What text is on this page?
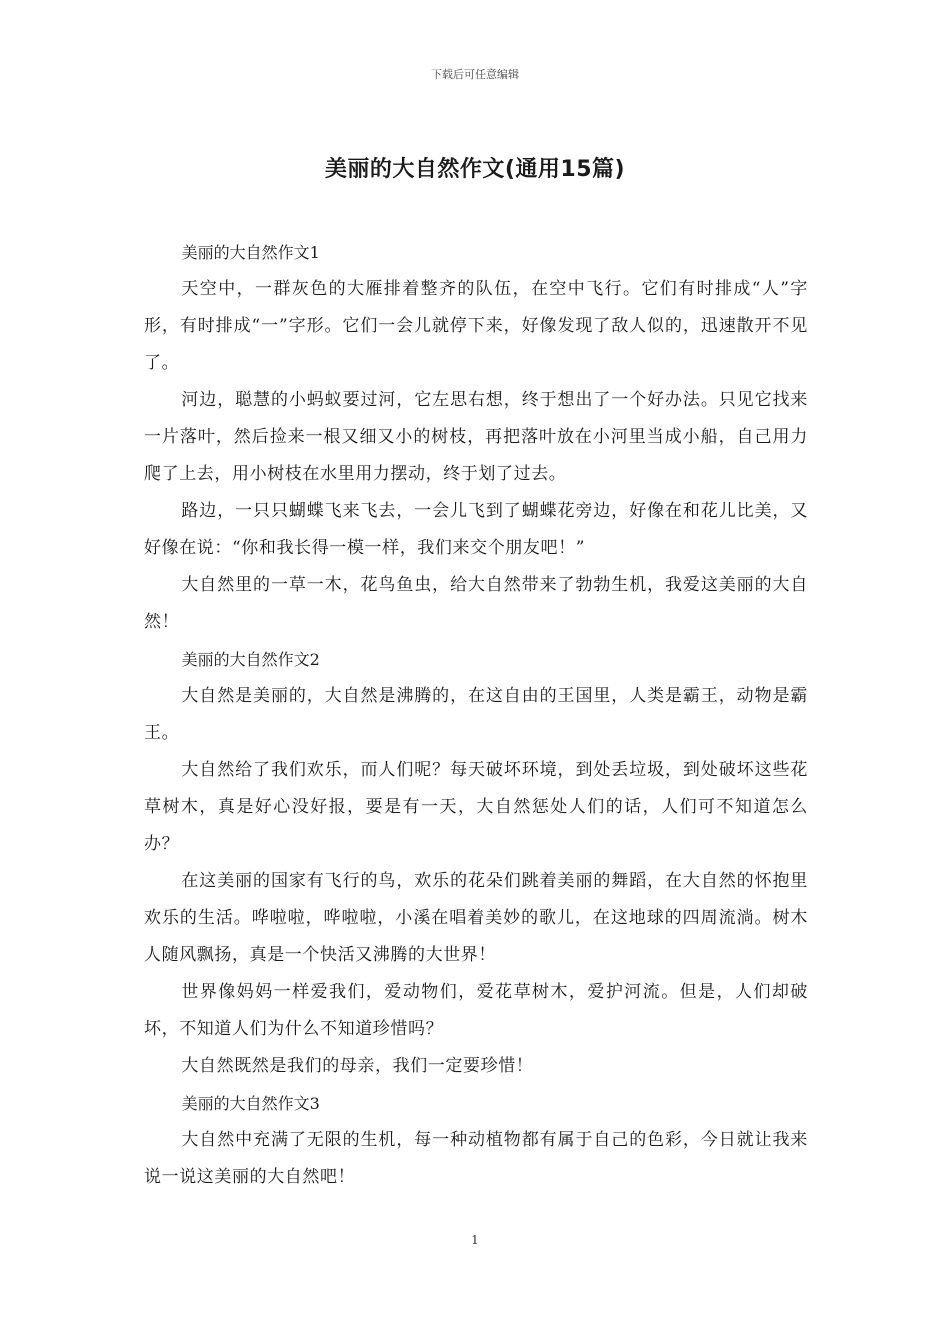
下载后可任意编辑
美丽的大自然作文(通用15篇)

美丽的大自然作文1

天空中，一群灰色的大雁排着整齐的队伍，在空中飞行。它们有时排成“人”字形，有时排成“一”字形。它们一会儿就停下来，好像发现了敌人似的，迅速散开不见了。

河边，聪慧的小蚂蚁要过河，它左思右想，终于想出了一个好办法。只见它找来一片落叶，然后捡来一根又细又小的树枝，再把落叶放在小河里当成小船，自己用力爬了上去，用小树枝在水里用力摆动，终于划了过去。

路边，一只只蝴蝶飞来飞去，一会儿飞到了蝴蝶花旁边，好像在和花儿比美，又好像在说：“你和我长得一模一样，我们来交个朋友吧！”

大自然里的一草一木，花鸟鱼虫，给大自然带来了勃勃生机，我爱这美丽的大自然！

美丽的大自然作文2

大自然是美丽的，大自然是沸腾的，在这自由的王国里，人类是霸王，动物是霸王。

大自然给了我们欢乐，而人们呢？每天破坏环境，到处丢垃圾，到处破坏这些花草树木，真是好心没好报，要是有一天，大自然惩处人们的话，人们可不知道怎么办？

在这美丽的国家有飞行的鸟，欢乐的花朵们跳着美丽的舞蹈，在大自然的怀抱里欢乐的生活。哗啦啦，哗啦啦，小溪在唱着美妙的歌儿，在这地球的四周流淌。树木人随风飘扬，真是一个快活又沸腾的大世界！

世界像妈妈一样爱我们，爱动物们，爱花草树木，爱护河流。但是，人们却破坏，不知道人们为什么不知道珍惜吗？

大自然既然是我们的母亲，我们一定要珍惜！

美丽的大自然作文3

大自然中充满了无限的生机，每一种动植物都有属于自己的色彩，今日就让我来说一说这美丽的大自然吧！

1
